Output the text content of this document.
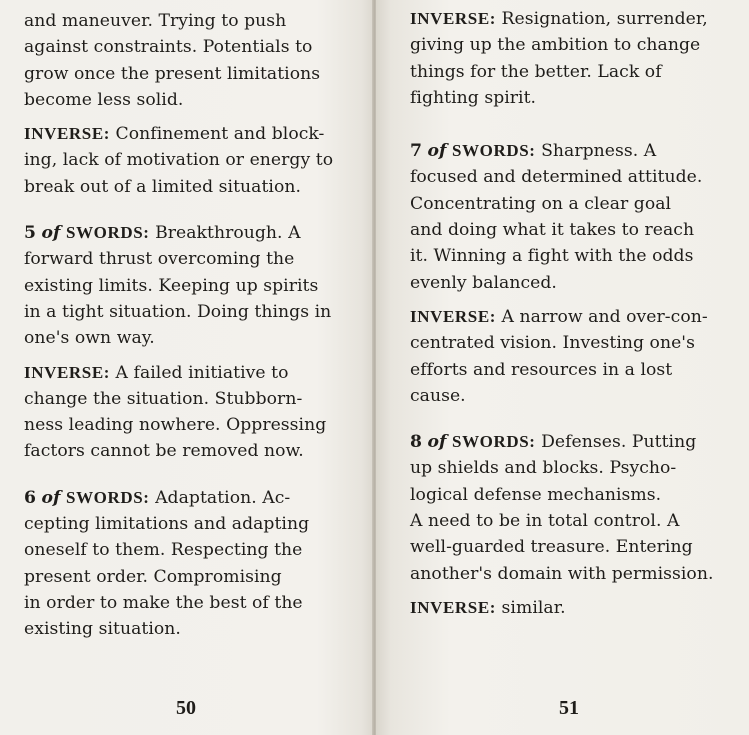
and maneuver. Trying to push
against constraints. Potentials to
grow once the present limitations
become less solid.

INVERSE: Confinement and block-
ing, lack of motivation or energy to
break out of a limited situation.

5 of SWORDS: Breakthrough. A
forward thrust overcoming the
existing limits. Keeping up spirits
in a tight situation. Doing things in
one's own way.

INVERSE: A failed initiative to
change the situation. Stubborn-
ness leading nowhere. Oppressing
factors cannot be removed now.

6 of SWORDS: Adaptation. Ac-
cepting limitations and adapting
oneself to them. Respecting the
present order. Compromising
in order to make the best of the
existing situation.

50

INVERSE: Resignation, surrender,
giving up the ambition to change
things for the better. Lack of
fighting spirit.

7 of SWORDS: Sharpness. A
focused and determined attitude.
Concentrating on a clear goal
and doing what it takes to reach
it. Winning a fight with the odds
evenly balanced.

INVERSE: A narrow and over-con-
centrated vision. Investing one's
efforts and resources in a lost
cause.

8 of SWORDS: Defenses. Putting
up shields and blocks. Psycho-
logical defense mechanisms.
A need to be in total control. A
well-guarded treasure. Entering
another's domain with permission.

INVERSE: similar.

51
